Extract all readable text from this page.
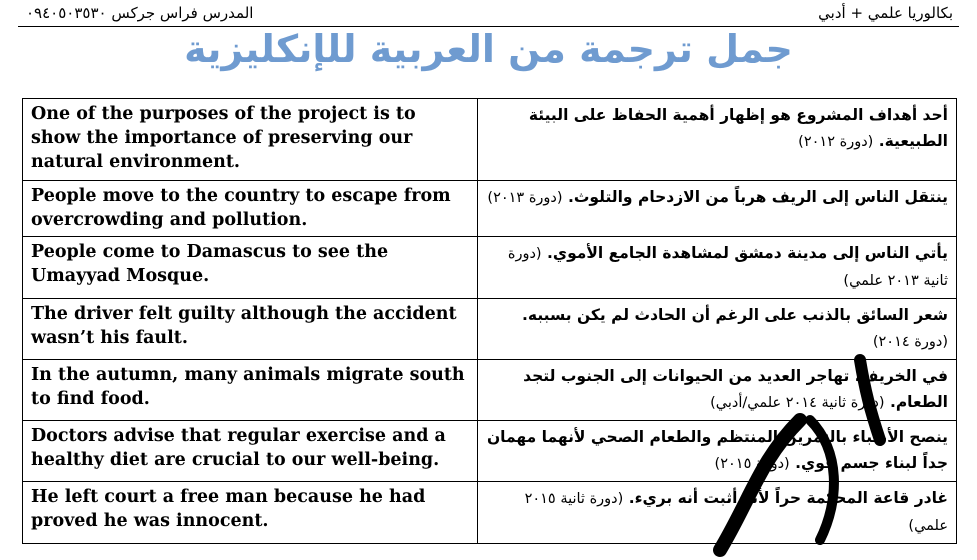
المدرس فراس جركس ٠٩٤٠٥٠٣٥٣٠	بكالوريا علمي + أدبي
جمل ترجمة من العربية للإنكليزية
One of the purposes of the project is to show the importance of preserving our natural environment.	أحد أهداف المشروع هو إظهار أهمية الحفاظ على البيئة الطبيعية. (دورة ٢٠١٢)
People move to the country to escape from overcrowding and pollution.	ينتقل الناس إلى الريف هرباً من الازدحام والتلوث. (دورة ٢٠١٣)
People come to Damascus to see the Umayyad Mosque.	يأتي الناس إلى مدينة دمشق لمشاهدة الجامع الأموي. (دورة ثانية ٢٠١٣ علمي)
The driver felt guilty although the accident wasn’t his fault.	شعر السائق بالذنب على الرغم أن الحادث لم يكن بسببه. (دورة ٢٠١٤)
In the autumn, many animals migrate south to find food.	في الخريف، تهاجر العديد من الحيوانات إلى الجنوب لتجد الطعام. (دورة ثانية ٢٠١٤ علمي/أدبي)
Doctors advise that regular exercise and a healthy diet are crucial to our well-being.	ينصح الأطباء بالتمرين المنتظم والطعام الصحي لأنهما مهمان جداً لبناء جسم قوي. (دورة ٢٠١٥)
He left court a free man because he had proved he was innocent.	غادر قاعة المحكمة حراً لأنه أثبت أنه بريء. (دورة ثانية ٢٠١٥ علمي)
